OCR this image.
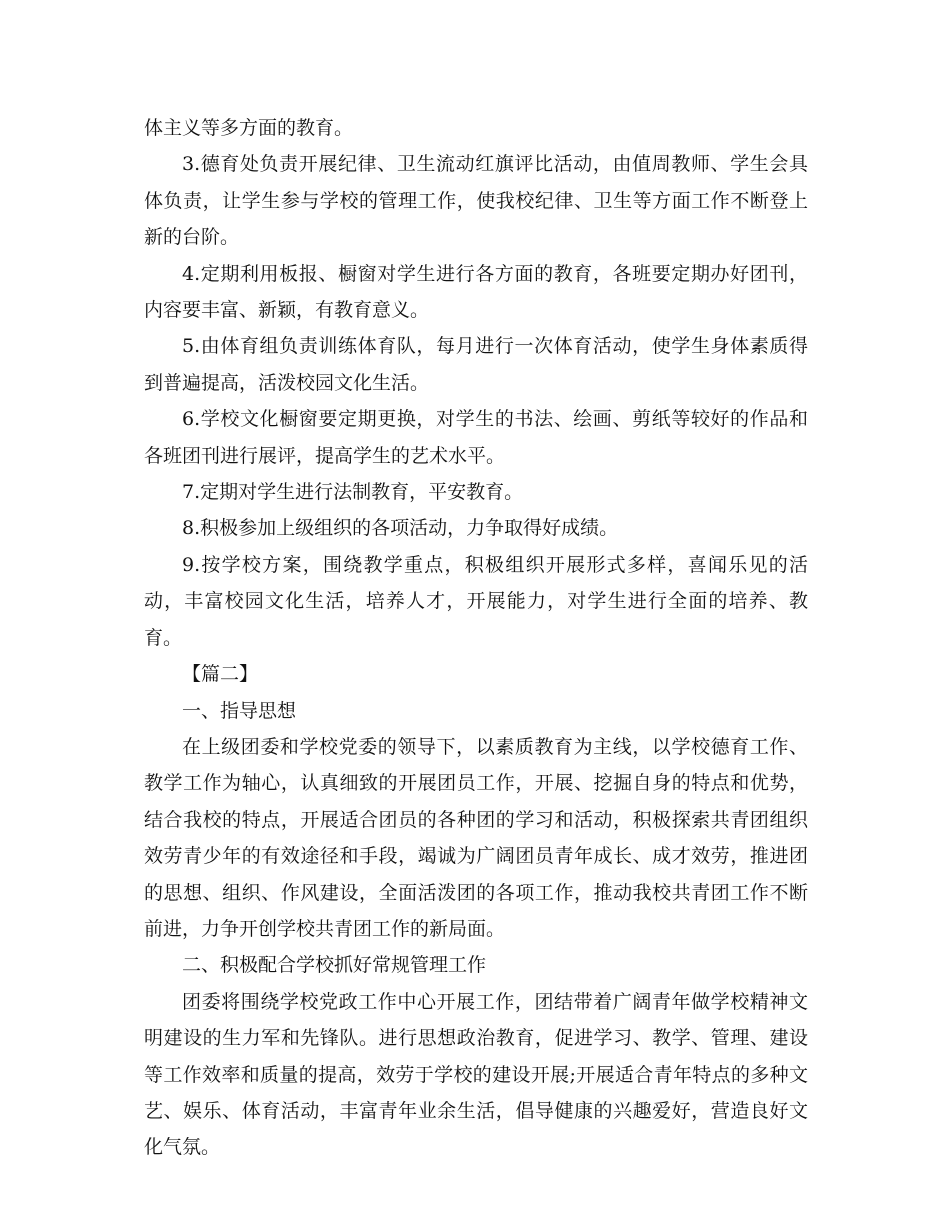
体主义等多方面的教育。

3.德育处负责开展纪律、卫生流动红旗评比活动，由值周教师、学生会具体负责，让学生参与学校的管理工作，使我校纪律、卫生等方面工作不断登上新的台阶。

4.定期利用板报、橱窗对学生进行各方面的教育，各班要定期办好团刊，内容要丰富、新颖，有教育意义。

5.由体育组负责训练体育队，每月进行一次体育活动，使学生身体素质得到普遍提高，活泼校园文化生活。

6.学校文化橱窗要定期更换，对学生的书法、绘画、剪纸等较好的作品和各班团刊进行展评，提高学生的艺术水平。

7.定期对学生进行法制教育，平安教育。

8.积极参加上级组织的各项活动，力争取得好成绩。

9.按学校方案，围绕教学重点，积极组织开展形式多样，喜闻乐见的活动，丰富校园文化生活，培养人才，开展能力，对学生进行全面的培养、教育。

【篇二】

一、指导思想

在上级团委和学校党委的领导下，以素质教育为主线，以学校德育工作、教学工作为轴心，认真细致的开展团员工作，开展、挖掘自身的特点和优势，结合我校的特点，开展适合团员的各种团的学习和活动，积极探索共青团组织效劳青少年的有效途径和手段，竭诚为广阔团员青年成长、成才效劳，推进团的思想、组织、作风建设，全面活泼团的各项工作，推动我校共青团工作不断前进，力争开创学校共青团工作的新局面。

二、积极配合学校抓好常规管理工作

团委将围绕学校党政工作中心开展工作，团结带着广阔青年做学校精神文明建设的生力军和先锋队。进行思想政治教育，促进学习、教学、管理、建设等工作效率和质量的提高，效劳于学校的建设开展;开展适合青年特点的多种文艺、娱乐、体育活动，丰富青年业余生活，倡导健康的兴趣爱好，营造良好文化气氛。
